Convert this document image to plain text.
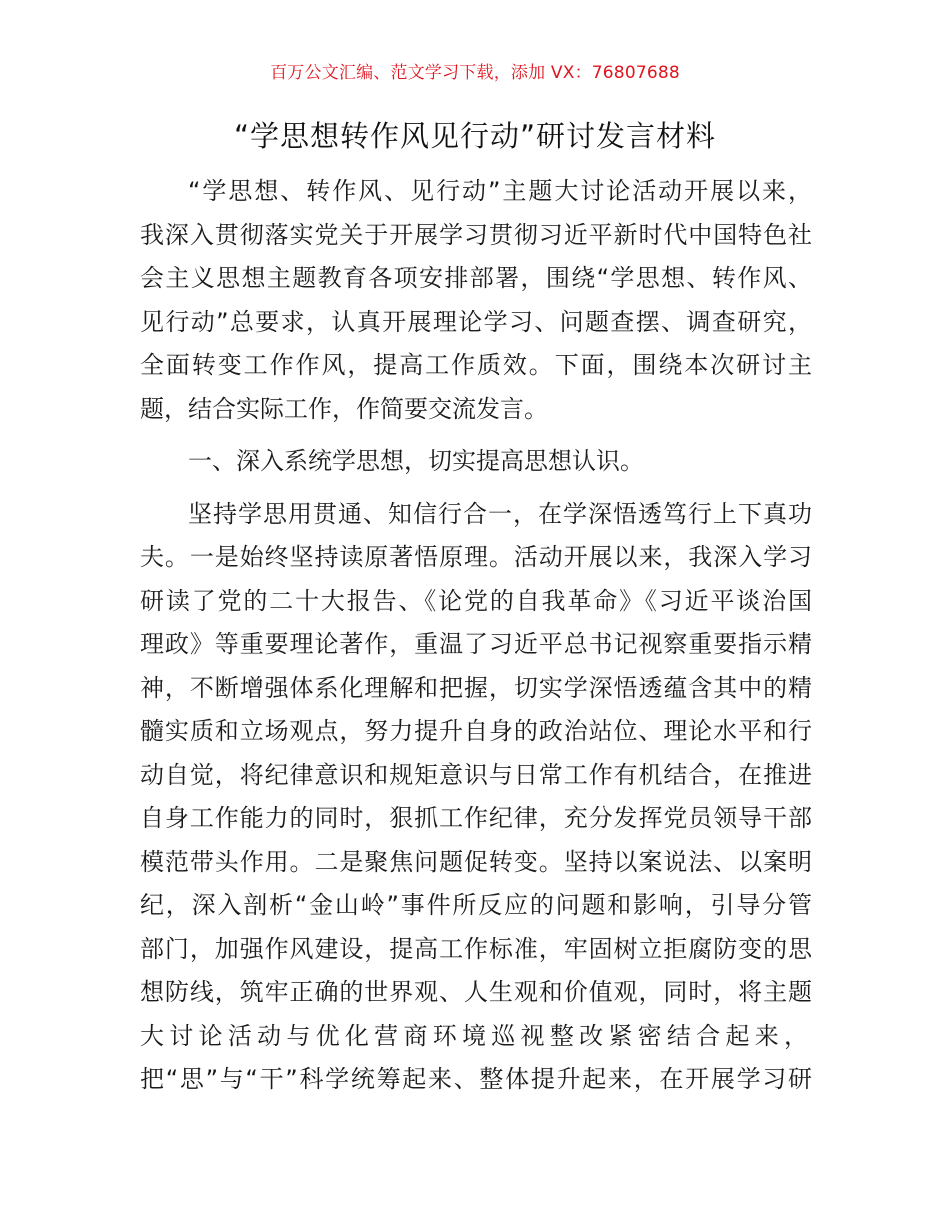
百万公文汇编、范文学习下载，添加 VX：76807688
“学思想转作风见行动”研讨发言材料
“学思想、转作风、见行动”主题大讨论活动开展以来，
我深入贯彻落实党关于开展学习贯彻习近平新时代中国特色社
会主义思想主题教育各项安排部署，围绕“学思想、转作风、
见行动”总要求，认真开展理论学习、问题查摆、调查研究，
全面转变工作作风，提高工作质效。下面，围绕本次研讨主
题，结合实际工作，作简要交流发言。
一、深入系统学思想，切实提高思想认识。
坚持学思用贯通、知信行合一，在学深悟透笃行上下真功
夫。一是始终坚持读原著悟原理。活动开展以来，我深入学习
研读了党的二十大报告、《论党的自我革命》《习近平谈治国
理政》等重要理论著作，重温了习近平总书记视察重要指示精
神，不断增强体系化理解和把握，切实学深悟透蕴含其中的精
髓实质和立场观点，努力提升自身的政治站位、理论水平和行
动自觉，将纪律意识和规矩意识与日常工作有机结合，在推进
自身工作能力的同时，狠抓工作纪律，充分发挥党员领导干部
模范带头作用。二是聚焦问题促转变。坚持以案说法、以案明
纪，深入剖析“金山岭”事件所反应的问题和影响，引导分管
部门，加强作风建设，提高工作标准，牢固树立拒腐防变的思
想防线，筑牢正确的世界观、人生观和价值观，同时，将主题
大讨论活动与优化营商环境巡视整改紧密结合起来，
把“思”与“干”科学统筹起来、整体提升起来，在开展学习研
